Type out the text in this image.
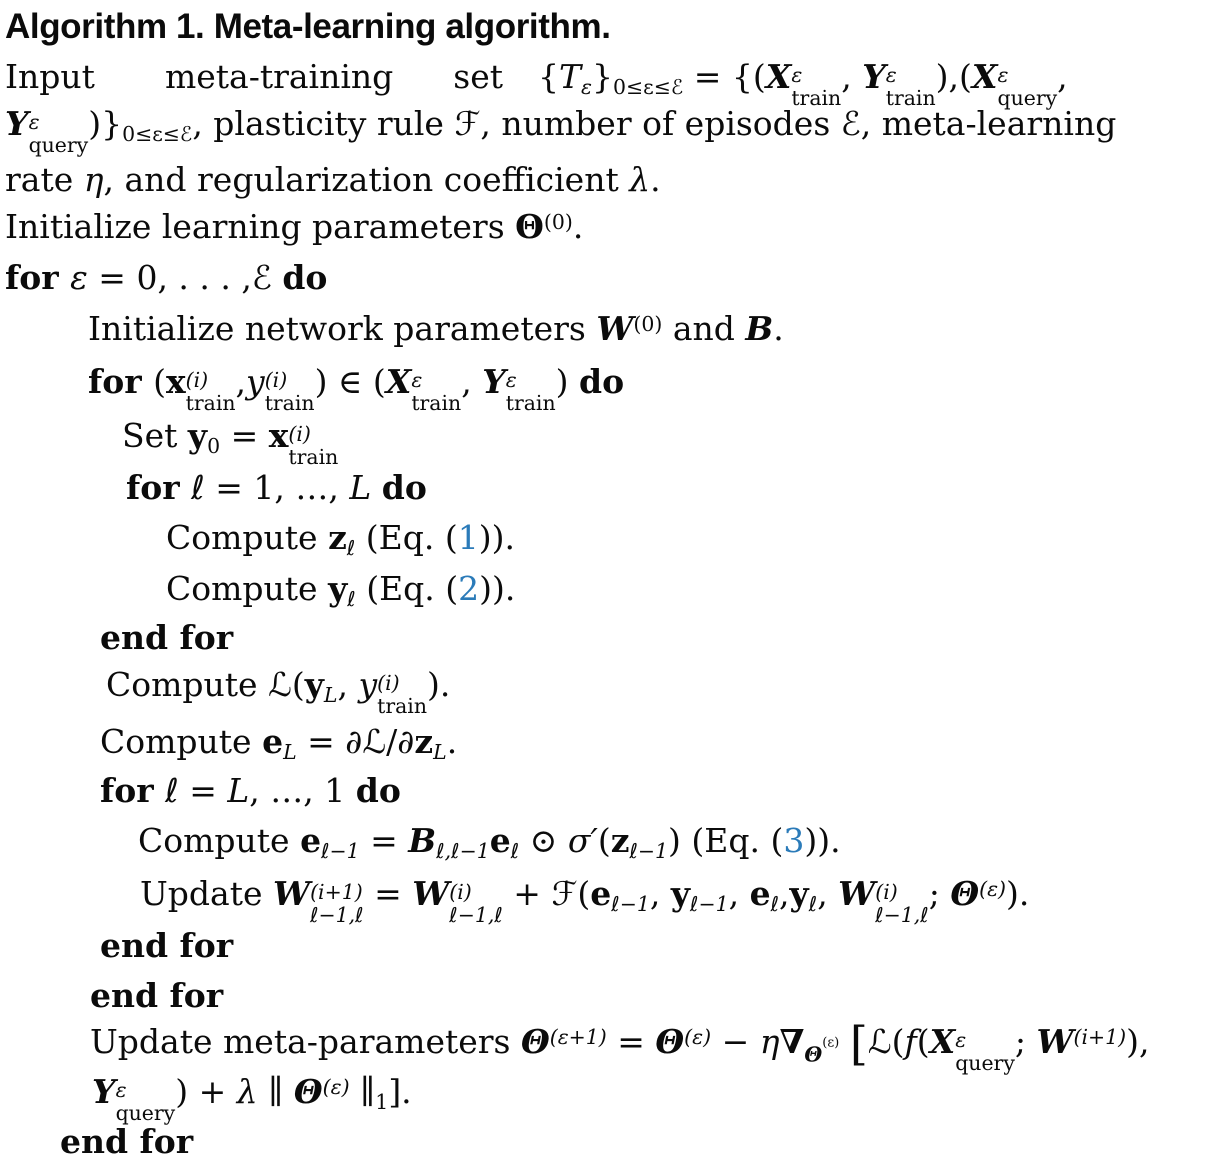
Algorithm 1. Meta-learning algorithm.
Input meta-training set {Tε}0≤ε≤ℰ = {(X ε
train
, Y ε
train
),(X ε
query
,
Y ε
query
)}0≤ε≤ℰ, plasticity rule ℱ, number of episodes ℰ, meta-learning
rate η, and regularization coefficient λ.
Initialize learning parameters $\Theta^{(0)}$.
for ε = 0, . . . ,ℰ do
Initialize network parameters $W^{(0)}$ and B.
for (x (i)
train
,y (i)
train
) ∈ (X ε
train
, Y ε
train
) do
Set y0 = x (i)
train
for ℓ = 1, …, L do
Compute zℓ (Eq. (1)).
Compute yℓ (Eq. (2)).
end for
Compute ℒ(yL, y (i)
train
).
Compute eL = ∂ℒ/∂zL.
for ℓ = L, …, 1 do
Compute eℓ−1 = Bℓ,ℓ−1eℓ ⊙ σ′(zℓ−1) (Eq. (3)).
Update W (i+1)
ℓ−1,ℓ
= W (i)
ℓ−1,ℓ
+ ℱ(eℓ−1, yℓ−1, eℓ,yℓ, W (i)
ℓ−1,ℓ
; $\Theta^{(\varepsilon)}$).
end for
end for
Update meta-parameters $\Theta^{(\varepsilon+1)} = \Theta^{(\varepsilon)} - \eta\nabla_\Theta(\varepsilon)$ [ℒ(f(X ε
query
; $W^{(i+1)}$),
Y ε
query
) + λ ∥ $\Theta^{(\varepsilon)}$ ∥1].
end for
